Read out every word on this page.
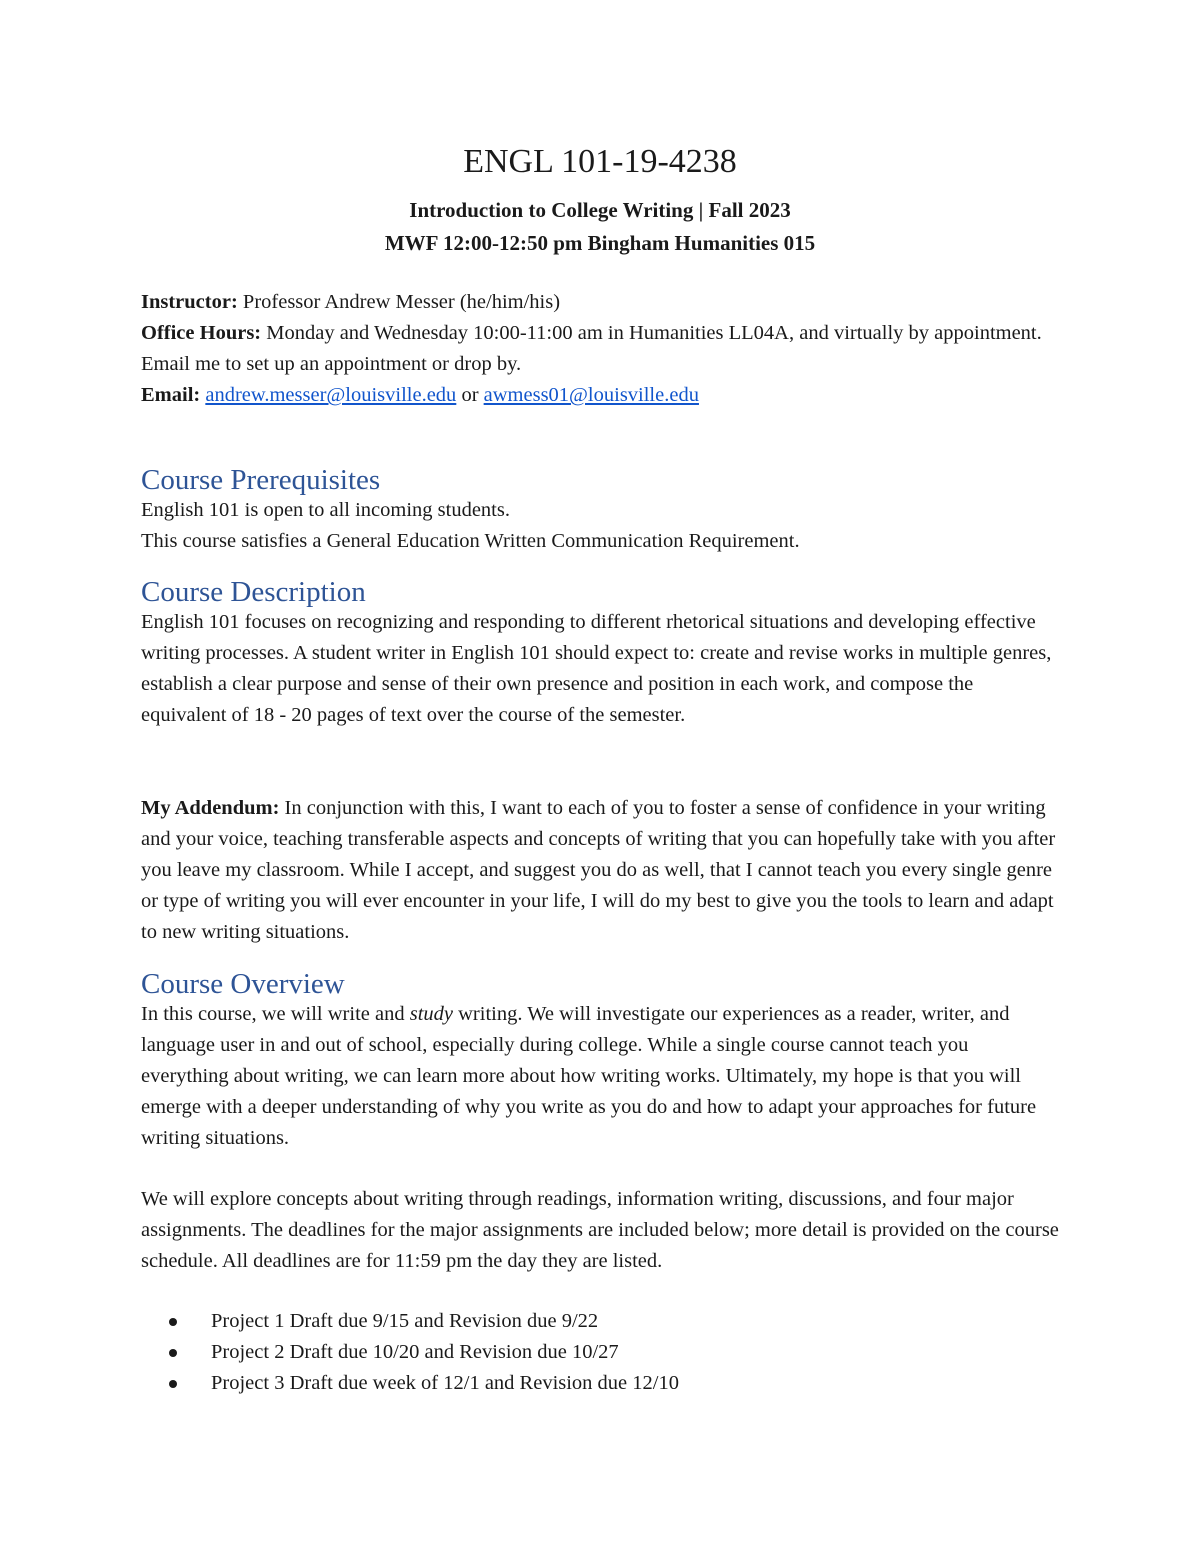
ENGL 101-19-4238
Introduction to College Writing | Fall 2023
MWF 12:00-12:50 pm Bingham Humanities 015
Instructor: Professor Andrew Messer (he/him/his)
Office Hours: Monday and Wednesday 10:00-11:00 am in Humanities LL04A, and virtually by appointment. Email me to set up an appointment or drop by.
Email: andrew.messer@louisville.edu or awmess01@louisville.edu
Course Prerequisites
English 101 is open to all incoming students.
This course satisfies a General Education Written Communication Requirement.
Course Description

English 101 focuses on recognizing and responding to different rhetorical situations and developing effective writing processes. A student writer in English 101 should expect to: create and revise works in multiple genres, establish a clear purpose and sense of their own presence and position in each work, and compose the equivalent of 18 - 20 pages of text over the course of the semester.

My Addendum: In conjunction with this, I want to each of you to foster a sense of confidence in your writing and your voice, teaching transferable aspects and concepts of writing that you can hopefully take with you after you leave my classroom. While I accept, and suggest you do as well, that I cannot teach you every single genre or type of writing you will ever encounter in your life, I will do my best to give you the tools to learn and adapt to new writing situations.

Course Overview

In this course, we will write and study writing. We will investigate our experiences as a reader, writer, and language user in and out of school, especially during college. While a single course cannot teach you everything about writing, we can learn more about how writing works. Ultimately, my hope is that you will emerge with a deeper understanding of why you write as you do and how to adapt your approaches for future writing situations.

We will explore concepts about writing through readings, information writing, discussions, and four major assignments. The deadlines for the major assignments are included below; more detail is provided on the course schedule. All deadlines are for 11:59 pm the day they are listed.

Project 1 Draft due 9/15 and Revision due 9/22
Project 2 Draft due 10/20 and Revision due 10/27
Project 3 Draft due week of 12/1 and Revision due 12/10
